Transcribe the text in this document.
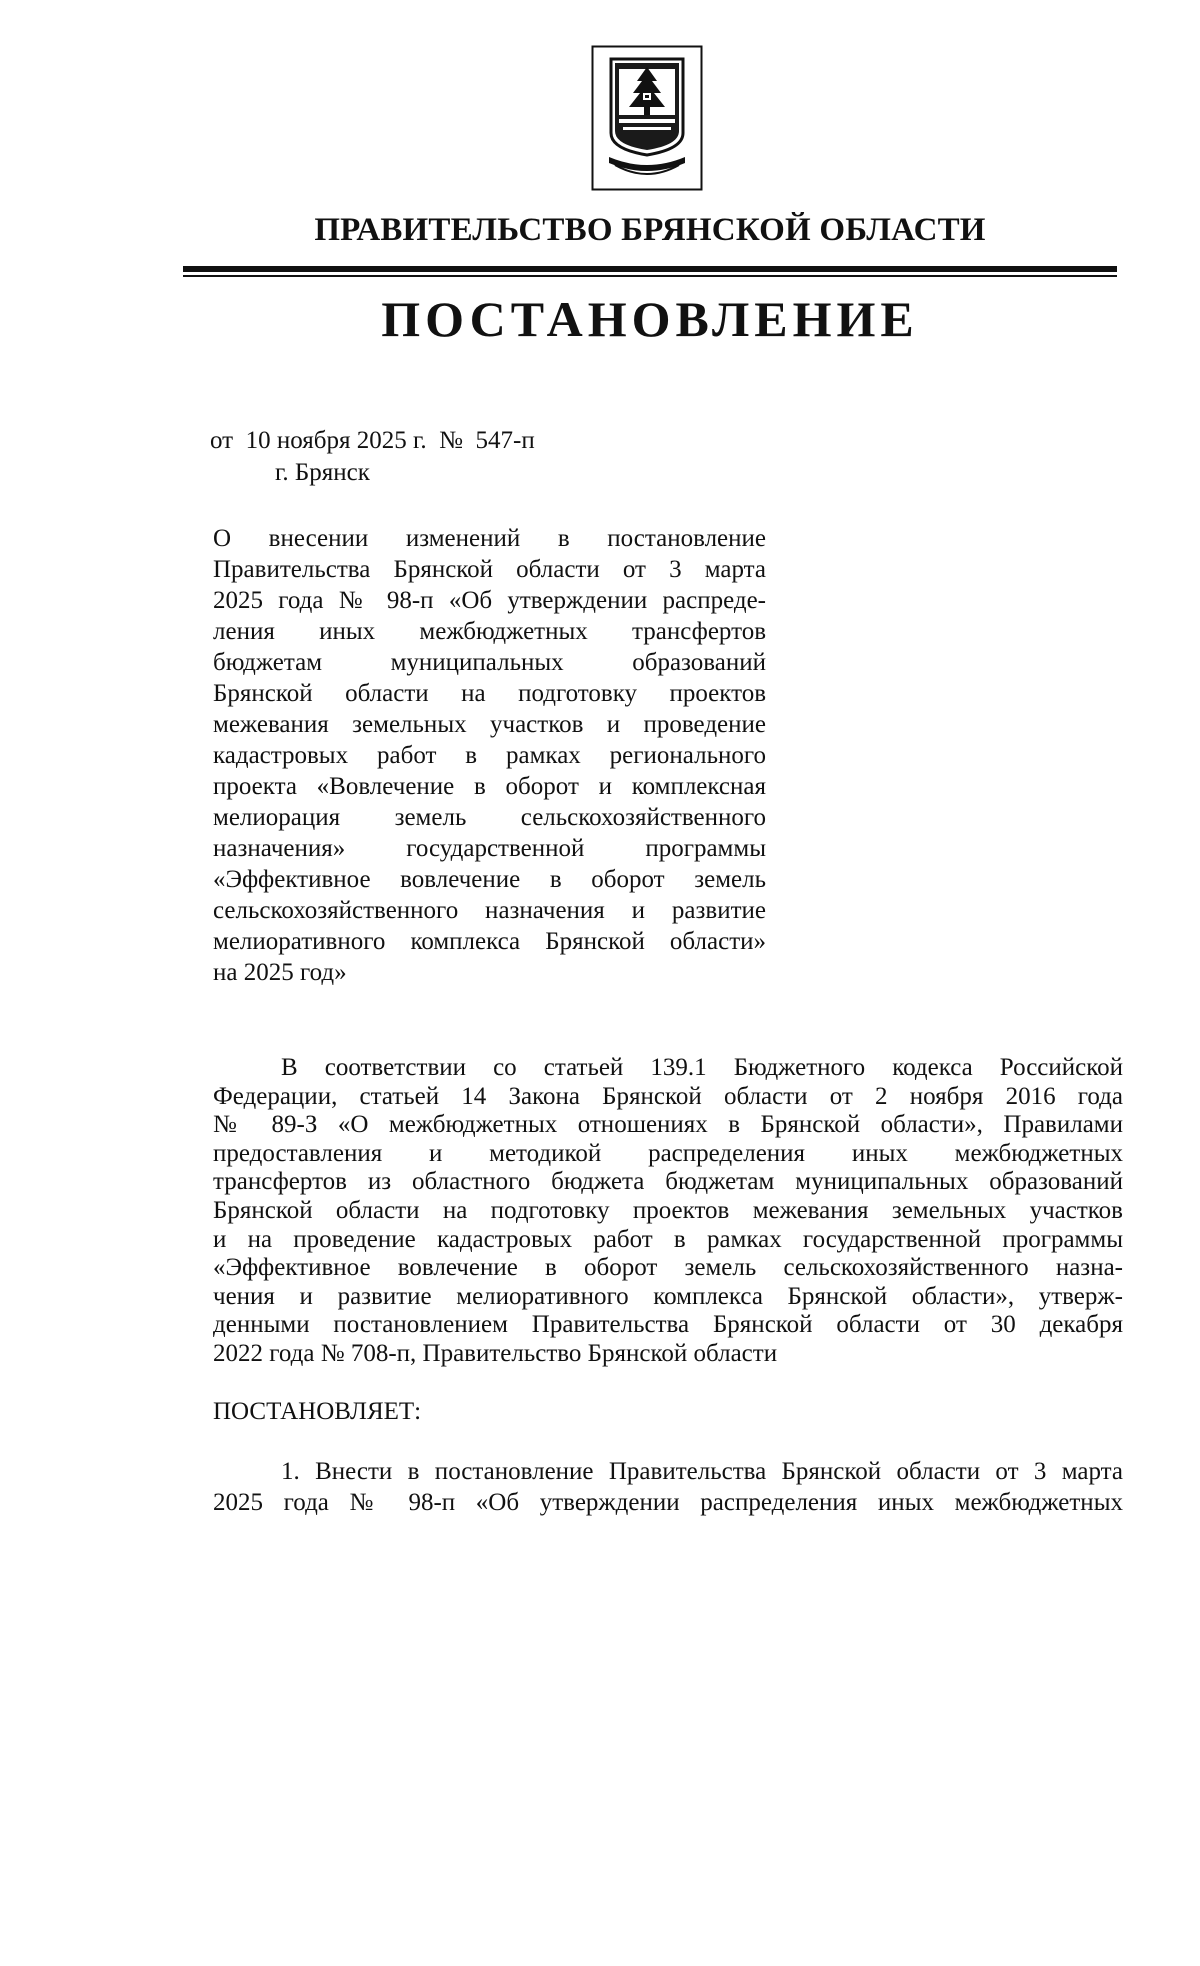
ПРАВИТЕЛЬСТВО БРЯНСКОЙ ОБЛАСТИ
ПОСТАНОВЛЕНИЕ
от  10 ноября 2025 г.  №  547-п
г. Брянск
О внесении изменений в постановление
Правительства Брянской области от 3 марта
2025 года № 98-п «Об утверждении распреде-
ления иных межбюджетных трансфертов
бюджетам муниципальных образований
Брянской области на подготовку проектов
межевания земельных участков и проведение
кадастровых работ в рамках регионального
проекта «Вовлечение в оборот и комплексная
мелиорация земель сельскохозяйственного
назначения» государственной программы
«Эффективное вовлечение в оборот земель
сельскохозяйственного назначения и развитие
мелиоративного комплекса Брянской области»
на 2025 год»
В соответствии со статьей 139.1 Бюджетного кодекса Российской
Федерации, статьей 14 Закона Брянской области от 2 ноября 2016 года
№ 89-З «О межбюджетных отношениях в Брянской области», Правилами
предоставления и методикой распределения иных межбюджетных
трансфертов из областного бюджета бюджетам муниципальных образований
Брянской области на подготовку проектов межевания земельных участков
и на проведение кадастровых работ в рамках государственной программы
«Эффективное вовлечение в оборот земель сельскохозяйственного назна-
чения и развитие мелиоративного комплекса Брянской области», утверж-
денными постановлением Правительства Брянской области от 30 декабря
2022 года № 708-п, Правительство Брянской области
ПОСТАНОВЛЯЕТ:
1. Внести в постановление Правительства Брянской области от 3 марта
2025 года № 98-п «Об утверждении распределения иных межбюджетных
